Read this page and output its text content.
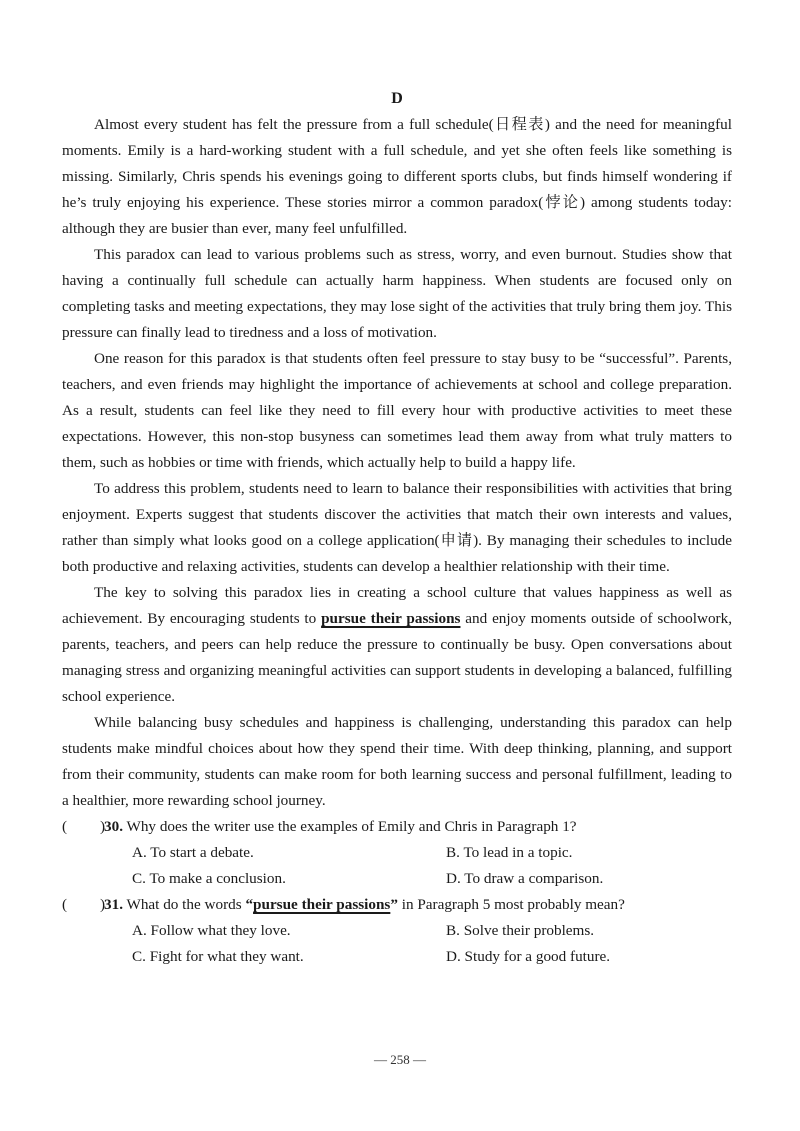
D

Almost every student has felt the pressure from a full schedule(日程表) and the need for meaningful moments. Emily is a hard-working student with a full schedule, and yet she often feels like something is missing. Similarly, Chris spends his evenings going to different sports clubs, but finds himself wondering if he’s truly enjoying his experience. These stories mirror a common paradox(悖论) among students today: although they are busier than ever, many feel unfulfilled.

This paradox can lead to various problems such as stress, worry, and even burnout. Studies show that having a continually full schedule can actually harm happiness. When students are focused only on completing tasks and meeting expectations, they may lose sight of the activities that truly bring them joy. This pressure can finally lead to tiredness and a loss of motivation.

One reason for this paradox is that students often feel pressure to stay busy to be “successful”. Parents, teachers, and even friends may highlight the importance of achievements at school and college preparation. As a result, students can feel like they need to fill every hour with productive activities to meet these expectations. However, this non-stop busyness can sometimes lead them away from what truly matters to them, such as hobbies or time with friends, which actually help to build a happy life.

To address this problem, students need to learn to balance their responsibilities with activities that bring enjoyment. Experts suggest that students discover the activities that match their own interests and values, rather than simply what looks good on a college application(申请). By managing their schedules to include both productive and relaxing activities, students can develop a healthier relationship with their time.

The key to solving this paradox lies in creating a school culture that values happiness as well as achievement. By encouraging students to pursue their passions and enjoy moments outside of schoolwork, parents, teachers, and peers can help reduce the pressure to continually be busy. Open conversations about managing stress and organizing meaningful activities can support students in developing a balanced, fulfilling school experience.

While balancing busy schedules and happiness is challenging, understanding this paradox can help students make mindful choices about how they spend their time. With deep thinking, planning, and support from their community, students can make room for both learning success and personal fulfillment, leading to a healthier, more rewarding school journey.

( )
30. Why does the writer use the examples of Emily and Chris in Paragraph 1?
A. To start a debate.	B. To lead in a topic.
C. To make a conclusion.	D. To draw a comparison.
( )
31. What do the words “pursue their passions” in Paragraph 5 most probably mean?
A. Follow what they love.	B. Solve their problems.
C. Fight for what they want.	D. Study for a good future.
— 258 —
